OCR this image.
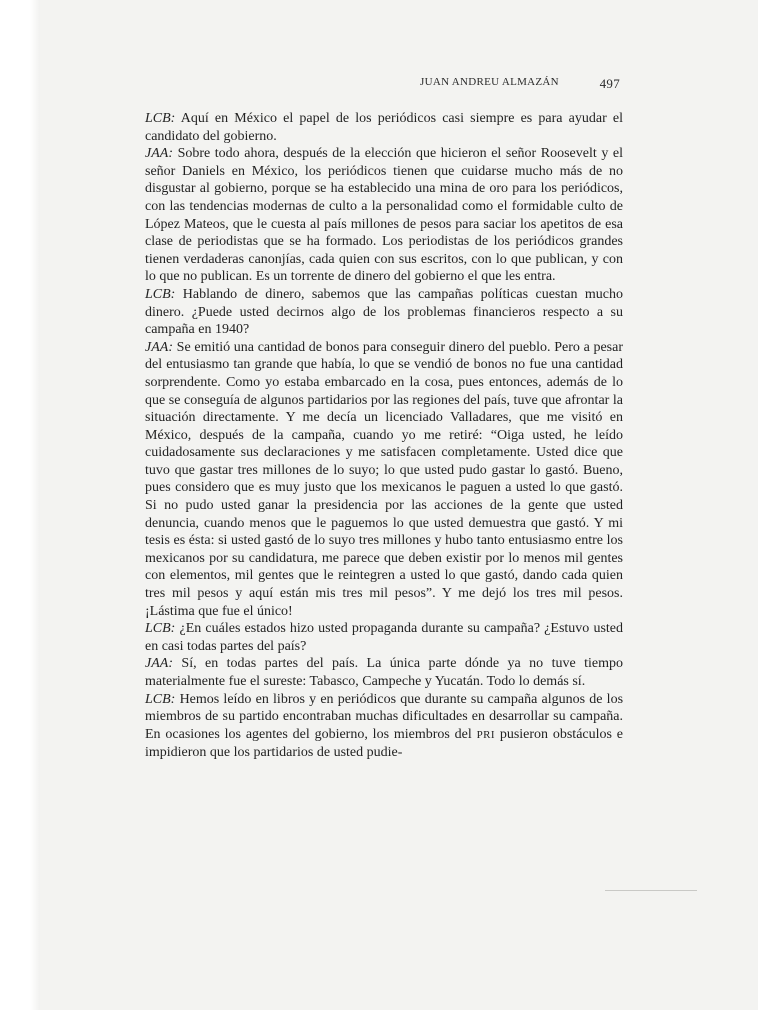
JUAN ANDREU ALMAZÁN	497

LCB: Aquí en México el papel de los periódicos casi siempre es para ayudar el candidato del gobierno.

JAA: Sobre todo ahora, después de la elección que hicieron el señor Roosevelt y el señor Daniels en México, los periódicos tienen que cuidarse mucho más de no disgustar al gobierno, porque se ha establecido una mina de oro para los periódicos, con las tendencias modernas de culto a la personalidad como el formidable culto de López Mateos, que le cuesta al país millones de pesos para saciar los apetitos de esa clase de periodistas que se ha formado. Los periodistas de los periódicos grandes tienen verdaderas canonjías, cada quien con sus escritos, con lo que publican, y con lo que no publican. Es un torrente de dinero del gobierno el que les entra.

LCB: Hablando de dinero, sabemos que las campañas políticas cuestan mucho dinero. ¿Puede usted decirnos algo de los problemas financieros respecto a su campaña en 1940?

JAA: Se emitió una cantidad de bonos para conseguir dinero del pueblo. Pero a pesar del entusiasmo tan grande que había, lo que se vendió de bonos no fue una cantidad sorprendente. Como yo estaba embarcado en la cosa, pues entonces, además de lo que se conseguía de algunos partidarios por las regiones del país, tuve que afrontar la situación directamente. Y me decía un licenciado Valladares, que me visitó en México, después de la campaña, cuando yo me retiré: “Oiga usted, he leído cuidadosamente sus declaraciones y me satisfacen completamente. Usted dice que tuvo que gastar tres millones de lo suyo; lo que usted pudo gastar lo gastó. Bueno, pues considero que es muy justo que los mexicanos le paguen a usted lo que gastó. Si no pudo usted ganar la presidencia por las acciones de la gente que usted denuncia, cuando menos que le paguemos lo que usted demuestra que gastó. Y mi tesis es ésta: si usted gastó de lo suyo tres millones y hubo tanto entusiasmo entre los mexicanos por su candidatura, me parece que deben existir por lo menos mil gentes con elementos, mil gentes que le reintegren a usted lo que gastó, dando cada quien tres mil pesos y aquí están mis tres mil pesos”. Y me dejó los tres mil pesos. ¡Lástima que fue el único!

LCB: ¿En cuáles estados hizo usted propaganda durante su campaña? ¿Estuvo usted en casi todas partes del país?

JAA: Sí, en todas partes del país. La única parte dónde ya no tuve tiempo materialmente fue el sureste: Tabasco, Campeche y Yucatán. Todo lo demás sí.

LCB: Hemos leído en libros y en periódicos que durante su campaña algunos de los miembros de su partido encontraban muchas dificultades en desarrollar su campaña. En ocasiones los agentes del gobierno, los miembros del PRI pusieron obstáculos e impidieron que los partidarios de usted pudie-
